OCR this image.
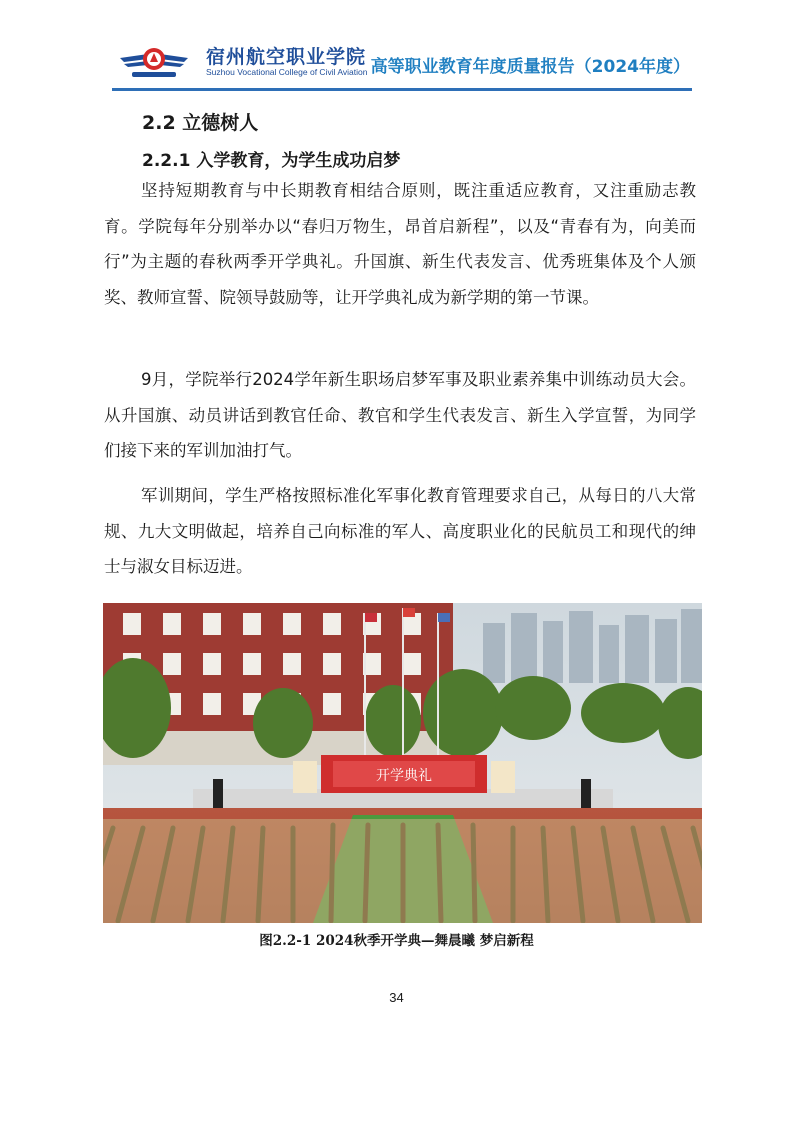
宿州航空职业学院
Suzhou Vocational College of Civil Aviation 高等职业教育年度质量报告（2024年度）
2.2 立德树人
2.2.1 入学教育，为学生成功启梦
坚持短期教育与中长期教育相结合原则，既注重适应教育，又注重励志教育。学院每年分别举办以“春归万物生，昂首启新程”，以及“青春有为，向美而行”为主题的春秋两季开学典礼。升国旗、新生代表发言、优秀班集体及个人颁奖、教师宣誓、院领导鼓励等，让开学典礼成为新学期的第一节课。
9月，学院举行2024学年新生职场启梦军事及职业素养集中训练动员大会。从升国旗、动员讲话到教官任命、教官和学生代表发言、新生入学宣誓，为同学们接下来的军训加油打气。
军训期间，学生严格按照标准化军事化教育管理要求自己，从每日的八大常规、九大文明做起，培养自己向标准的军人、高度职业化的民航员工和现代的绅士与淑女目标迈进。
开学典礼
图2.2-1 2024秋季开学典—舞晨曦 梦启新程
34
